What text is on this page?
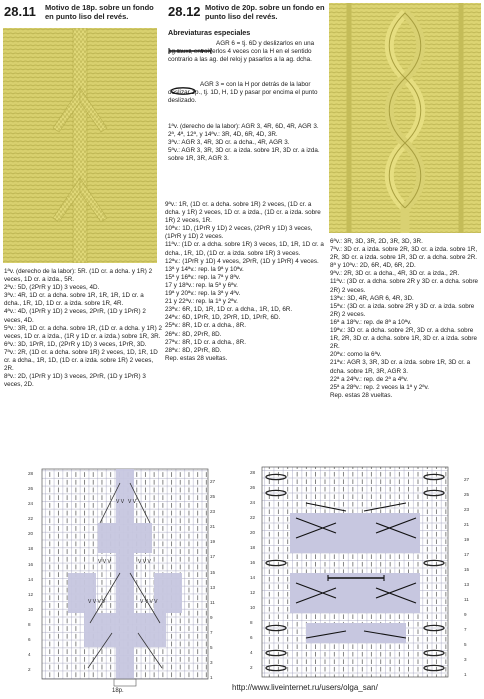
28.11 Motivo de 18p. sobre un fondo en punto liso del revés.
1ªv. (derecho de la labor): 5R. (1D cr. a dcha. y 1R) 2 veces, 1D cr. a izda., 5R.
2ªv.: 5D, (2PrR y 1D) 3 veces, 4D.
3ªv.: 4R, 1D cr. a dcha. sobre 1R, 1R, 1R, 1D cr. a dcha., 1R, 1D, 1D cr. a izda. sobre 1R, 4R.
4ªv.: 4D, (1PrR y 1D) 2 veces, 2PrR, (1D y 1PrR) 2 veces, 4D.
5ªv.: 3R, 1D cr. a dcha. sobre 1R, (1D cr. a dcha. y 1R) 2 veces, 1D cr. a izda., (1R y 1D cr. a izda.) sobre 1R, 3R.
6ªv.: 3D, 1PrR, 1D, (2PrR y 1D) 3 veces, 1PrR, 3D.
7ªv.: 2R, (1D cr. a dcha. sobre 1R) 2 veces, 1D, 1R, 1D cr. a dcha., 1R, 1D, (1D cr. a izda. sobre 1R) 2 veces, 2R.
8ªv.: 2D, (1PrR y 1D) 3 veces, 2PrR, (1D y 1PrR) 3 veces, 2D.
28.12 Motivo de 20p. sobre un fondo en punto liso del revés.
Abreviaturas especiales
AGR 6 = tj. 6D y deslizarlos en una ag. aux., envolverlos 4 veces con la H en el sentido contrario a las ag. del reloj y pasarlos a la ag. dcha.
AGR 3 = con la H por detrás de la labor deslizar 1p., tj. 1D, H, 1D y pasar por encima el punto deslizado.
1ªv. (derecho de la labor): AGR 3, 4R, 6D, 4R, AGR 3.
2ª, 4ª, 12ª, y 14ªv.: 3R, 4D, 6R, 4D, 3R.
3ªv.: AGR 3, 4R, 3D cr. a dcha., 4R, AGR 3.
5ªv.: AGR 3, 3R, 3D cr. a izda. sobre 1R, 3D cr. a izda. sobre 1R, 3R, AGR 3.
9ªv.: 1R, (1D cr. a dcha. sobre 1R) 2 veces, (1D cr. a dcha. y 1R) 2 veces, 1D cr. a izda., (1D cr. a izda. sobre 1R) 2 veces, 1R.
10ªv.: 1D, (1PrR y 1D) 2 veces, (2PrR y 1D) 3 veces, (1PrR y 1D) 2 veces.
11ªv.: (1D cr. a dcha. sobre 1R) 3 veces, 1D, 1R, 1D cr. a dcha., 1R, 1D, (1D cr. a izda. sobre 1R) 3 veces.
12ªv.: (1PrR y 1D) 4 veces, 2PrR, (1D y 1PrR) 4 veces.
13ª y 14ªv.: rep. la 9ª y 10ªv.
15ª y 16ªv.: rep. la 7ª y 8ªv.
17 y 18ªv.: rep. la 5ª y 6ªv.
19ª y 20ªv.: rep. la 3ª y 4ªv.
21 y 22ªv.: rep. la 1ª y 2ªv.
23ªv.: 6R, 1D, 1R, 1D cr. a dcha., 1R, 1D, 6R.
24ªv.: 6D, 1PrR, 1D, 2PrR, 1D, 1PrR, 6D.
25ªv.: 8R, 1D cr. a dcha., 8R.
26ªv.: 8D, 2PrR, 8D.
27ªv.: 8R, 1D cr. a dcha., 8R.
28ªv.: 8D, 2PrR, 8D.
Rep. estas 28 vueltas.
6ªv.: 3R, 3D, 3R, 2D, 3R, 3D, 3R.
7ªv.: 3D cr. a izda. sobre 2R, 3D cr. a izda. sobre 1R, 2R, 3D cr. a izda. sobre 1R, 3D cr. a dcha. sobre 2R.
8ª y 10ªv.: 2D, 6R, 4D, 6R, 2D.
9ªv.: 2R, 3D cr. a dcha., 4R, 3D cr. a izda., 2R.
11ªv.: (3D cr. a dcha. sobre 2R y 3D cr. a dcha. sobre 2R) 2 veces.
13ªv.: 3D, 4R, AGR 6, 4R, 3D.
15ªv.: (3D cr. a izda. sobre 2R y 3D cr. a izda. sobre 2R) 2 veces.
16ª a 18ªv.: rep. de 8ª a 10ªv.
19ªv.: 3D cr. a dcha. sobre 2R, 3D cr. a dcha. sobre 1R, 2R, 3D cr. a dcha. sobre 1R, 3D cr. a izda. sobre 2R.
20ªv.: como la 6ªv.
21ªv.: AGR 3, 3R, 3D cr. a izda. sobre 1R, 3D cr. a dcha. sobre 1R, 3R, AGR 3.
22ª a 24ªv.: rep. de 2ª a 4ªv.
25ª a 28ªv.: rep. 2 veces la 1ª y 2ªv.
Rep. estas 28 vueltas.
V V V V
V V V	V V V
V V V V	V V V V
28
26
24
22
20
18
16
14
12
10
8
6
4
2
27
25
23
21
19
17
15
13
11
9
7
5
3
1
18p.
28
26
24
22
20
18
16
14
12
10
8
6
4
2
27
25
23
21
19
17
15
13
11
9
7
5
3
1
http://www.liveinternet.ru/users/olga_san/
